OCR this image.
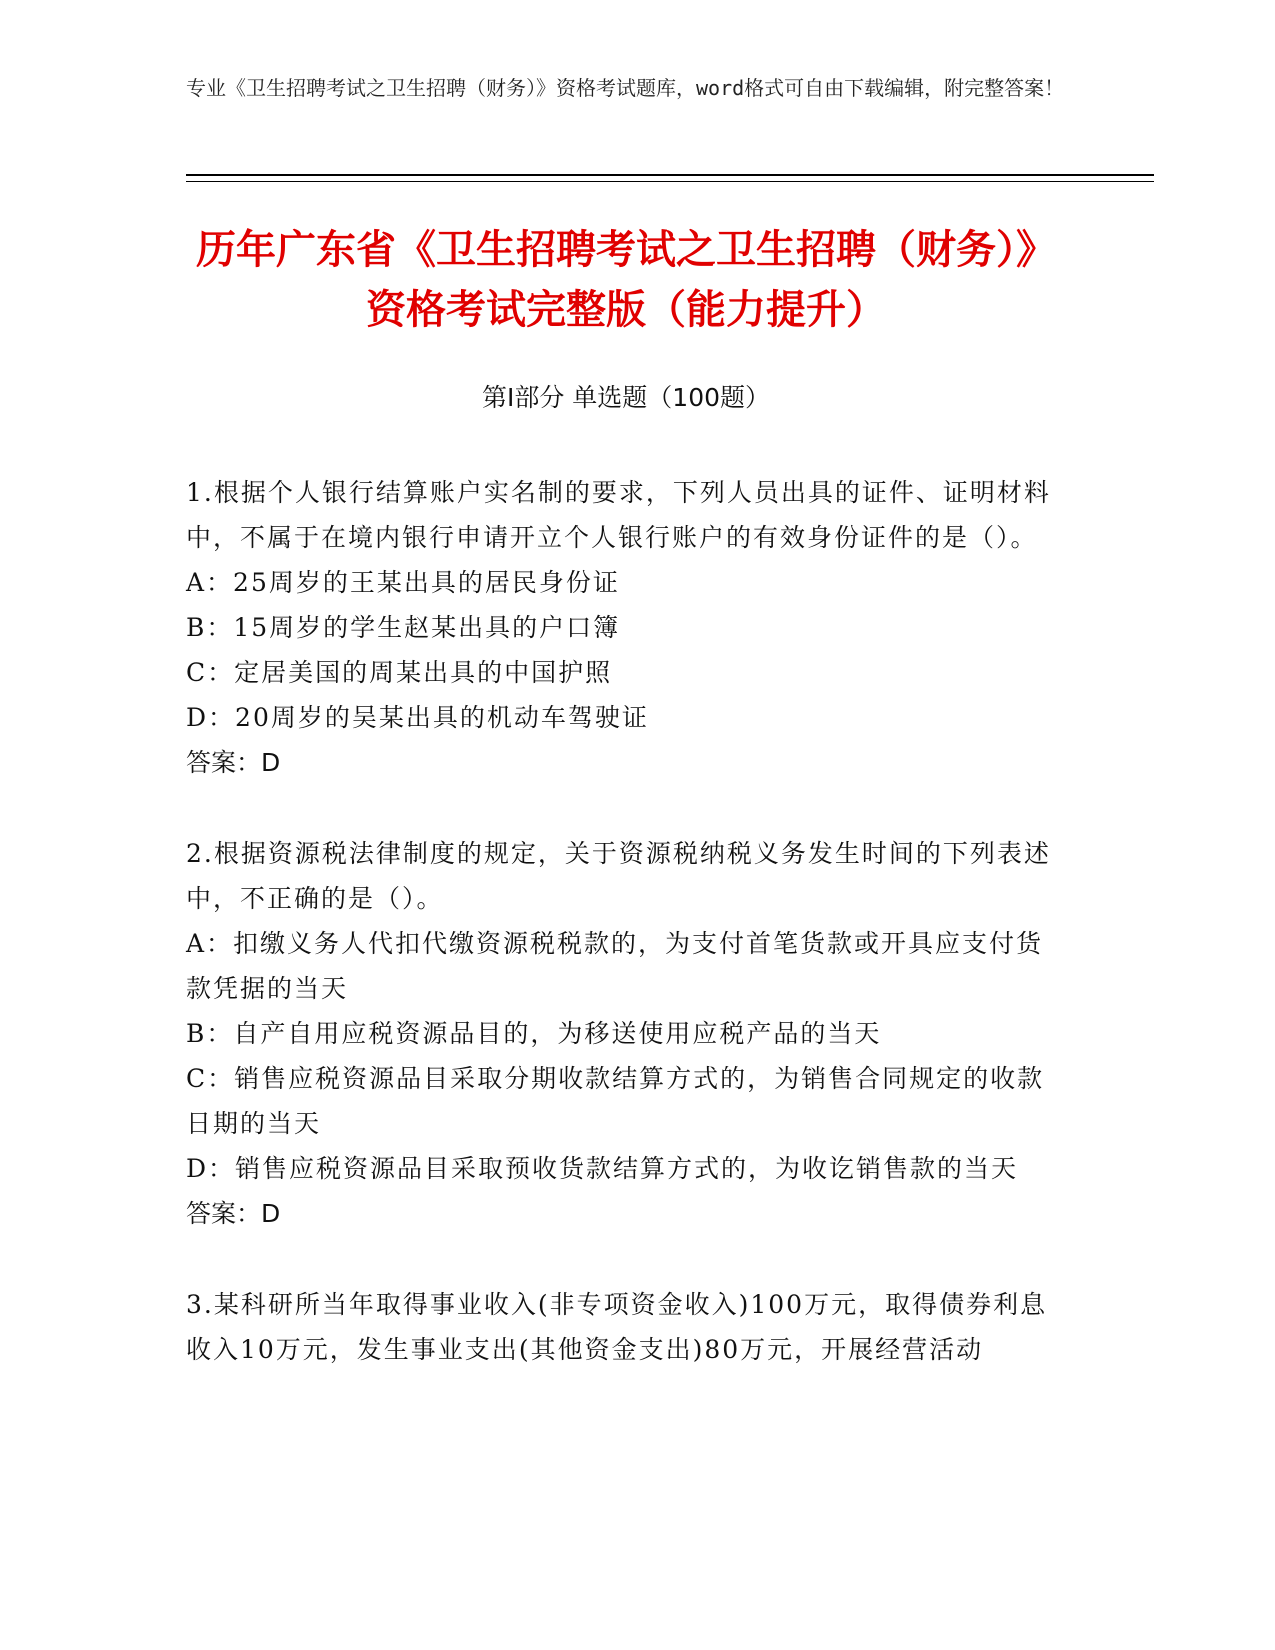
专业《卫生招聘考试之卫生招聘（财务）》资格考试题库，word格式可自由下载编辑，附完整答案！
历年广东省《卫生招聘考试之卫生招聘（财务）》资格考试完整版（能力提升）
第I部分 单选题（100题）

1.根据个人银行结算账户实名制的要求，下列人员出具的证件、证明材料中，不属于在境内银行申请开立个人银行账户的有效身份证件的是（）。

A：25周岁的王某出具的居民身份证

B：15周岁的学生赵某出具的户口簿

C：定居美国的周某出具的中国护照

D：20周岁的吴某出具的机动车驾驶证

答案：D

2.根据资源税法律制度的规定，关于资源税纳税义务发生时间的下列表述中，不正确的是（）。

A：扣缴义务人代扣代缴资源税税款的，为支付首笔货款或开具应支付货款凭据的当天

B：自产自用应税资源品目的，为移送使用应税产品的当天

C：销售应税资源品目采取分期收款结算方式的，为销售合同规定的收款日期的当天

D：销售应税资源品目采取预收货款结算方式的，为收讫销售款的当天

答案：D

3.某科研所当年取得事业收入(非专项资金收入)100万元，取得债券利息收入10万元，发生事业支出(其他资金支出)80万元，开展经营活动
